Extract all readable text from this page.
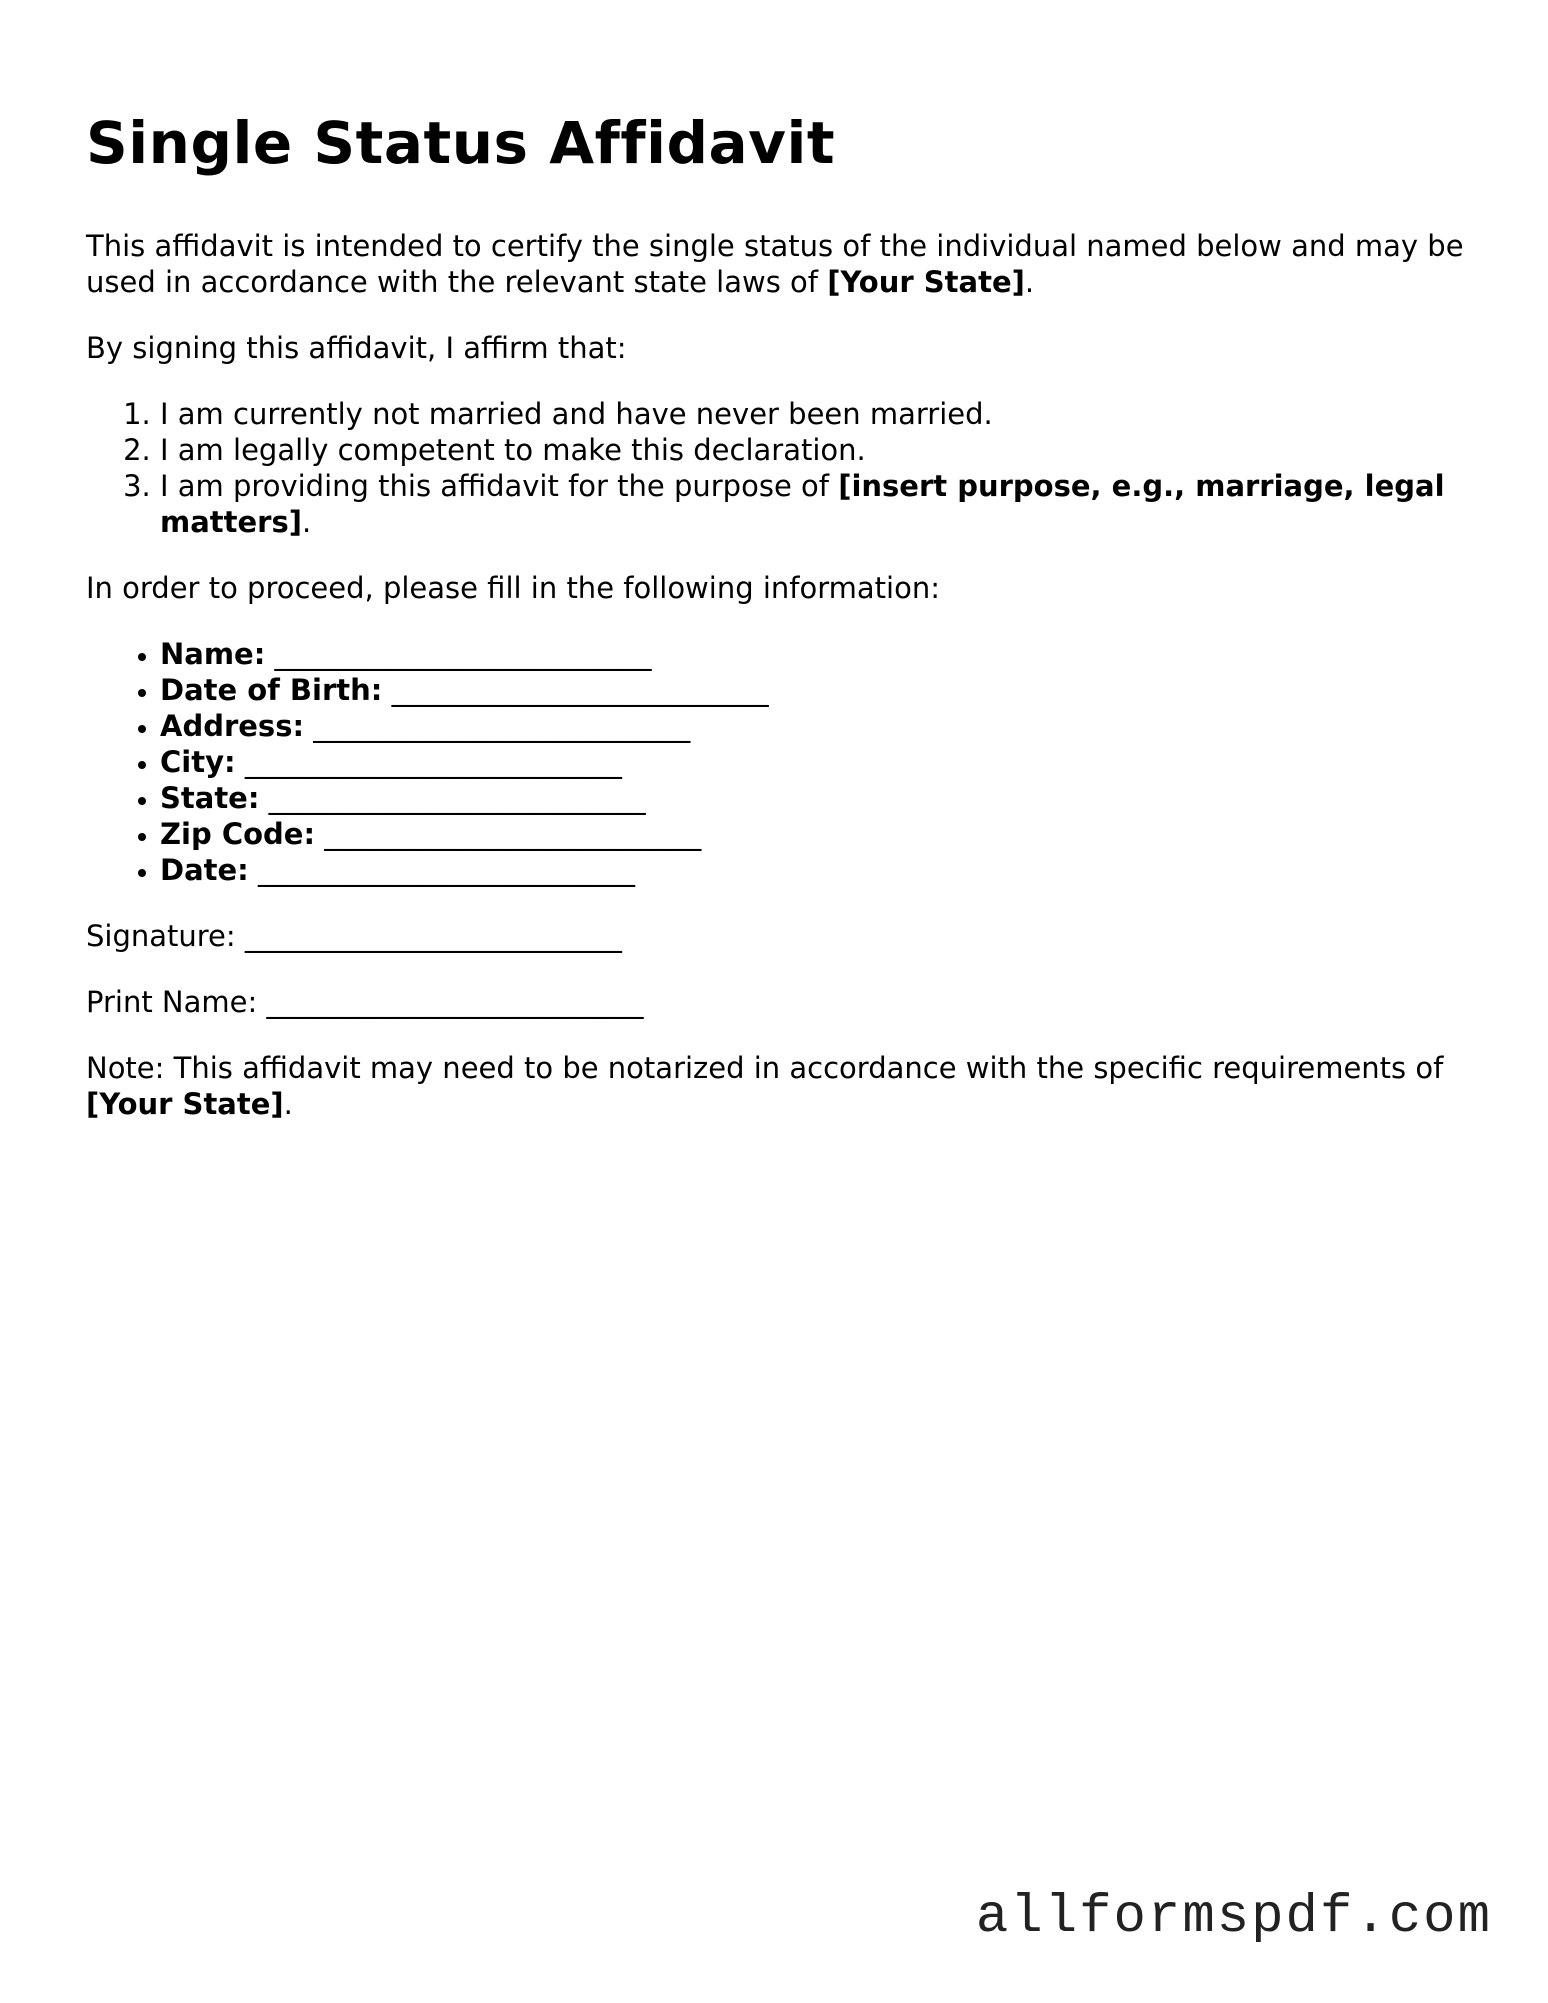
Single Status Affidavit

This affidavit is intended to certify the single status of the individual named below and may be used in accordance with the relevant state laws of [Your State].

By signing this affidavit, I affirm that:

1. I am currently not married and have never been married.
2. I am legally competent to make this declaration.
3. I am providing this affidavit for the purpose of [insert purpose, e.g., marriage, legal matters].

In order to proceed, please fill in the following information:

• Name: __________________________
• Date of Birth: __________________________
• Address: __________________________
• City: __________________________
• State: __________________________
• Zip Code: __________________________
• Date: __________________________

Signature: __________________________

Print Name: __________________________

Note: This affidavit may need to be notarized in accordance with the specific requirements of [Your State].

allformspdf.com
